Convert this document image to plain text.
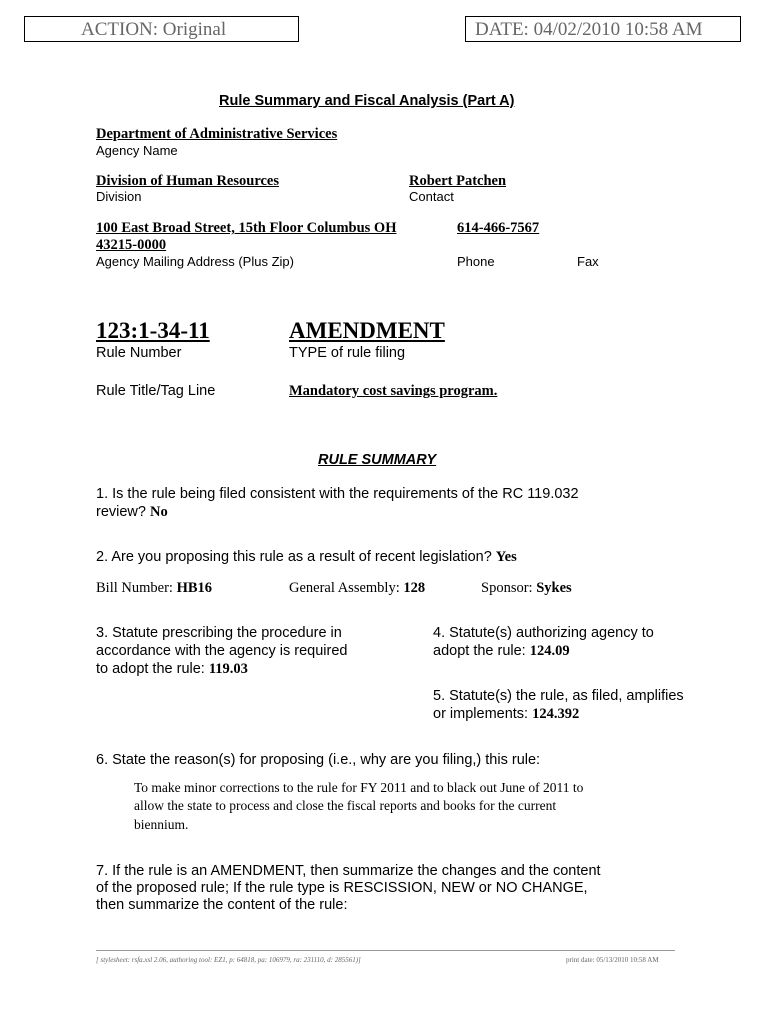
ACTION: Original	DATE: 04/02/2010 10:58 AM
Rule Summary and Fiscal Analysis (Part A)
Department of Administrative Services
Agency Name
Division of Human Resources
Division
Robert Patchen
Contact
100 East Broad Street, 15th Floor Columbus OH
43215-0000
Agency Mailing Address (Plus Zip)
614-466-7567
Phone	Fax
123:1-34-11
Rule Number
AMENDMENT
TYPE of rule filing
Rule Title/Tag Line	Mandatory cost savings program.
RULE SUMMARY
1. Is the rule being filed consistent with the requirements of the RC 119.032
review? No
2. Are you proposing this rule as a result of recent legislation? Yes
Bill Number: HB16	General Assembly: 128	Sponsor: Sykes
3. Statute prescribing the procedure in
accordance with the agency is required
to adopt the rule: 119.03
4. Statute(s) authorizing agency to
adopt the rule: 124.09
5. Statute(s) the rule, as filed, amplifies
or implements: 124.392
6. State the reason(s) for proposing (i.e., why are you filing,) this rule:
To make minor corrections to the rule for FY 2011 and to black out June of 2011 to
allow the state to process and close the fiscal reports and books for the current
biennium.
7. If the rule is an AMENDMENT, then summarize the changes and the content
of the proposed rule; If the rule type is RESCISSION, NEW or NO CHANGE,
then summarize the content of the rule:
[ stylesheet: rsfa.xsl 2.06, authoring tool: EZ1, p: 64818, pa: 106979, ra: 231110, d: 285561)]	print date: 05/13/2010 10:58 AM
